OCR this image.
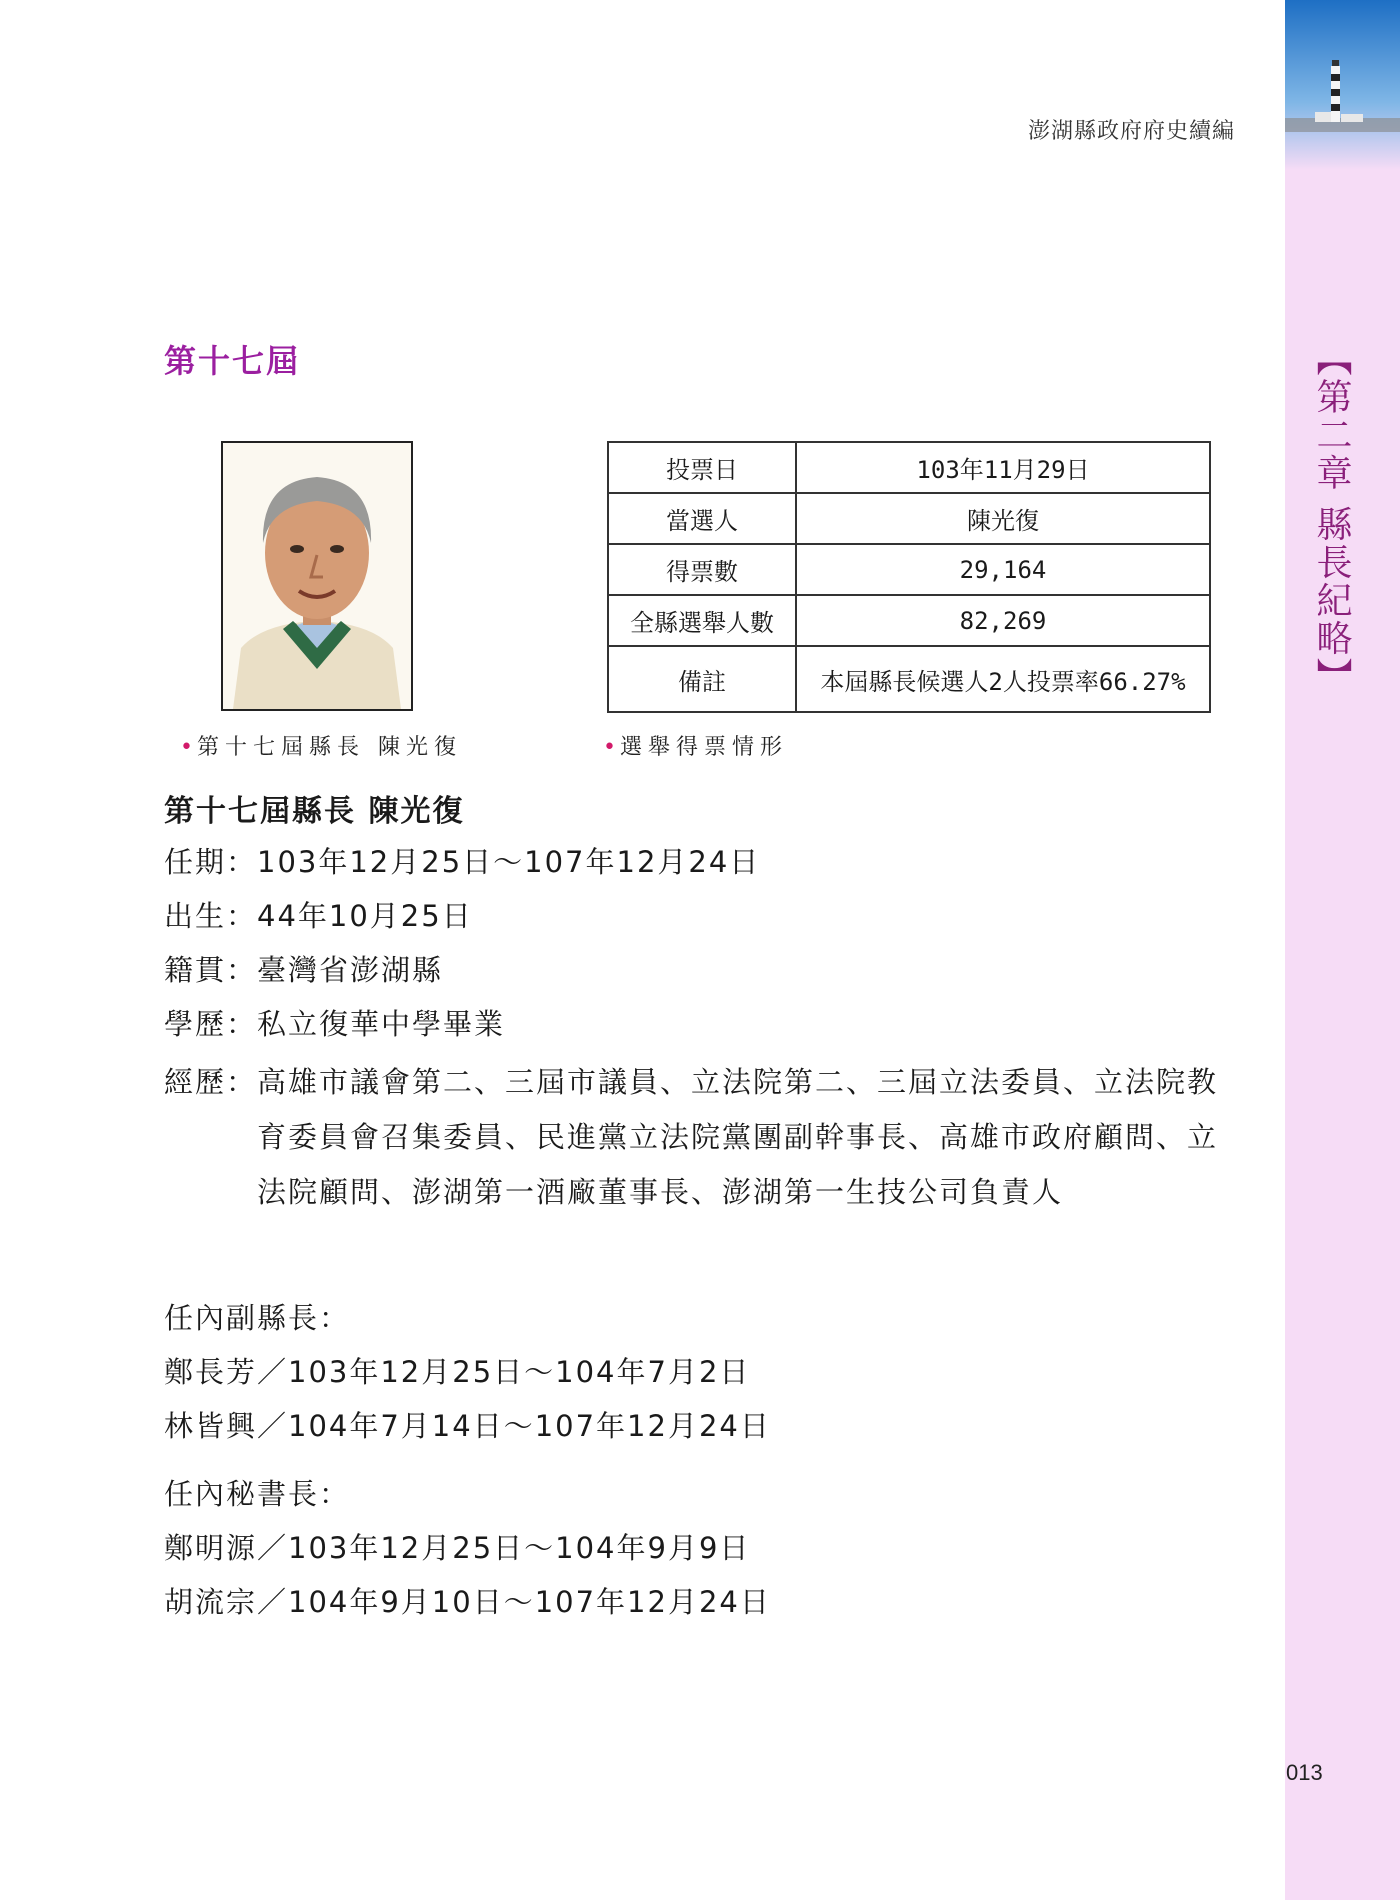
【第二章 縣長紀略】
013
澎湖縣政府府史續編
第十七屆
• 第十七屆縣長 陳光復
投票日	103年11月29日
當選人	陳光復
得票數	29,164
全縣選舉人數	82,269
備註	本屆縣長候選人2人投票率66.27%
• 選舉得票情形
第十七屆縣長 陳光復
任期：103年12月25日～107年12月24日
出生：44年10月25日
籍貫：臺灣省澎湖縣
學歷：私立復華中學畢業
經歷： 高雄市議會第二、三屆市議員、立法院第二、三屆立法委員、立法院教育委員會召集委員、民進黨立法院黨團副幹事長、高雄市政府顧問、立法院顧問、澎湖第一酒廠董事長、澎湖第一生技公司負責人
任內副縣長：
鄭長芳／103年12月25日～104年7月2日
林皆興／104年7月14日～107年12月24日
任內秘書長：
鄭明源／103年12月25日～104年9月9日
胡流宗／104年9月10日～107年12月24日
